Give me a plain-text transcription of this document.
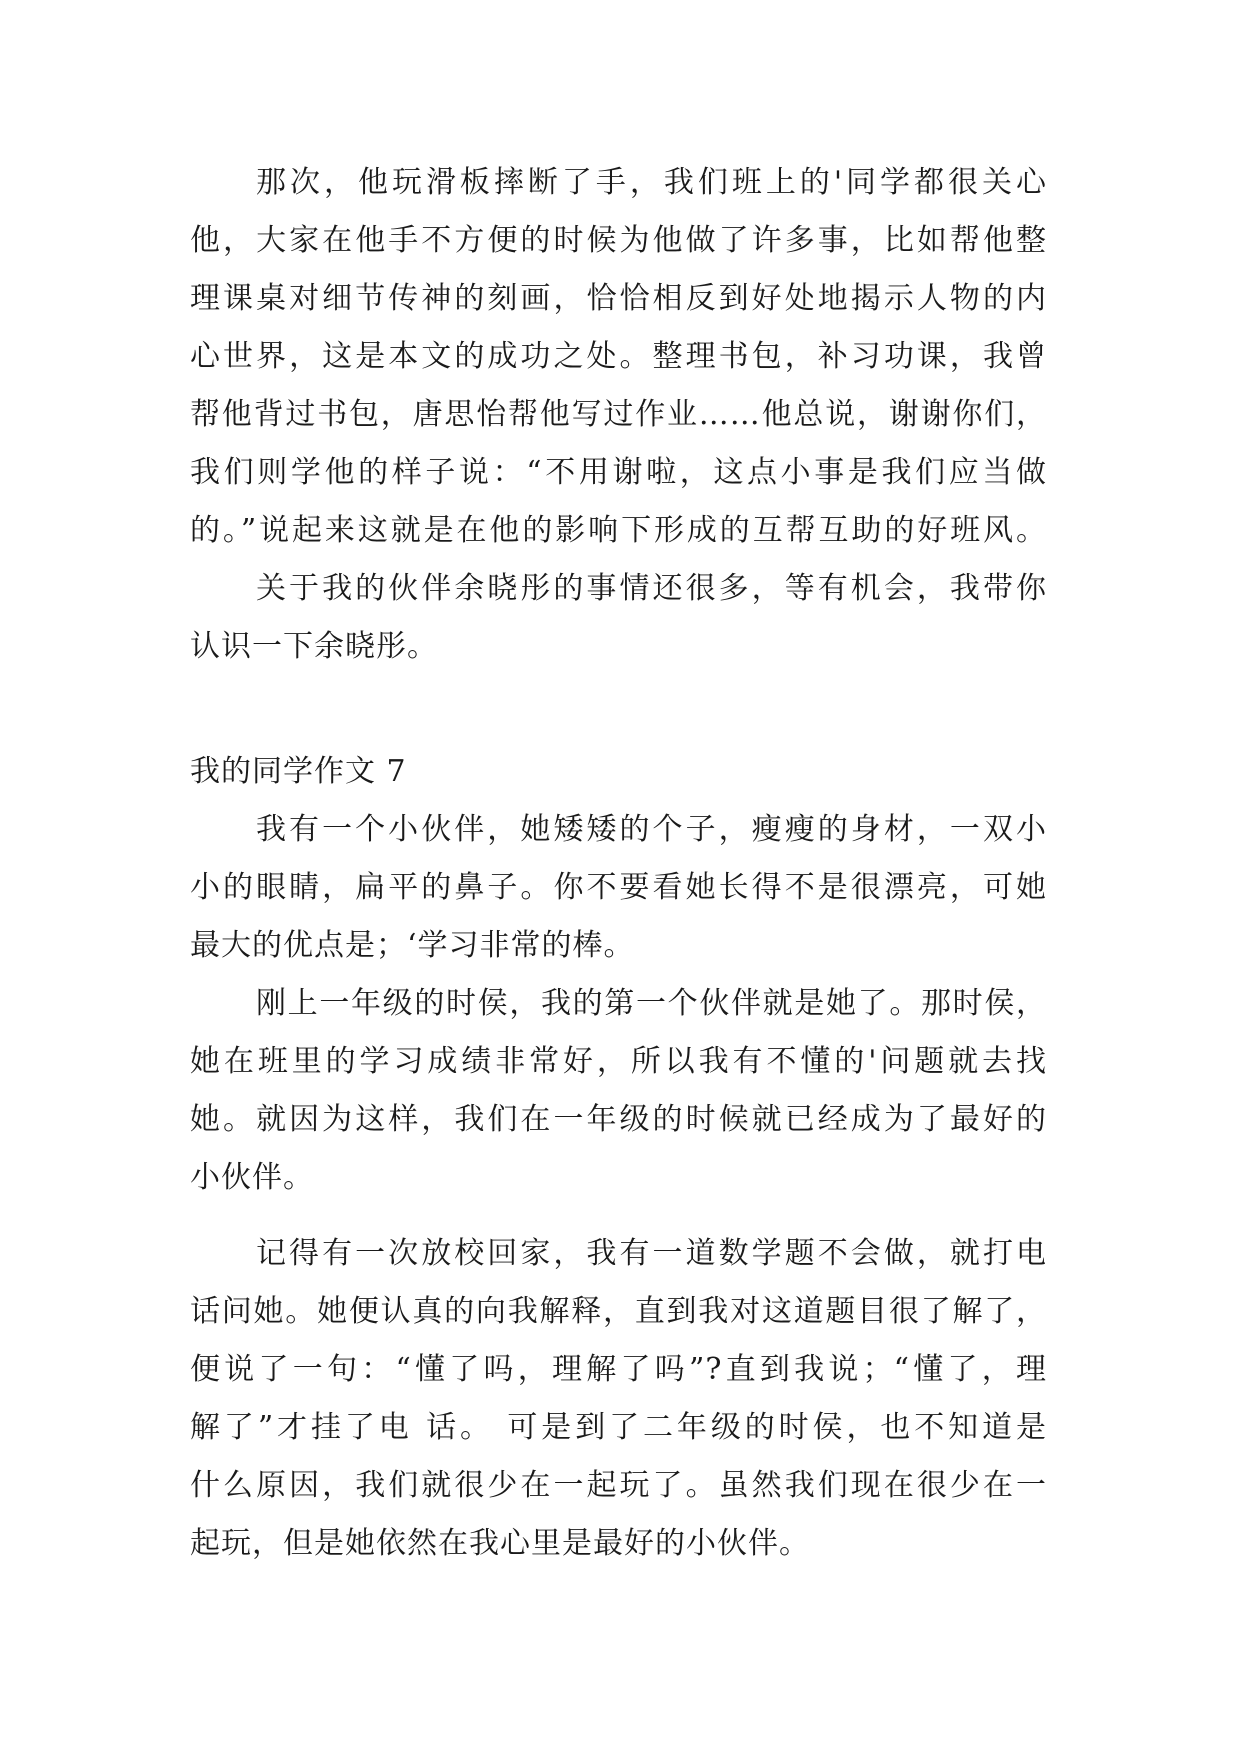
那次，他玩滑板摔断了手，我们班上的'同学都很关心
他，大家在他手不方便的时候为他做了许多事，比如帮他整
理课桌对细节传神的刻画，恰恰相反到好处地揭示人物的内
心世界，这是本文的成功之处。整理书包，补习功课，我曾
帮他背过书包，唐思怡帮他写过作业……他总说，谢谢你们，
我们则学他的样子说：“不用谢啦，这点小事是我们应当做
的。”说起来这就是在他的影响下形成的互帮互助的好班风。
关于我的伙伴余晓彤的事情还很多，等有机会，我带你
认识一下余晓彤。
我的同学作文 7
我有一个小伙伴，她矮矮的个子，瘦瘦的身材，一双小
小的眼睛，扁平的鼻子。你不要看她长得不是很漂亮，可她
最大的优点是；‘学习非常的棒。
刚上一年级的时侯，我的第一个伙伴就是她了。那时侯，
她在班里的学习成绩非常好，所以我有不懂的'问题就去找
她。就因为这样，我们在一年级的时候就已经成为了最好的
小伙伴。
记得有一次放校回家，我有一道数学题不会做，就打电
话问她。她便认真的向我解释，直到我对这道题目很了解了，
便说了一句：“懂了吗，理解了吗”?直到我说；“懂了，理
解了”才挂了电 话。 可是到了二年级的时侯，也不知道是
什么原因，我们就很少在一起玩了。虽然我们现在很少在一
起玩，但是她依然在我心里是最好的小伙伴。
